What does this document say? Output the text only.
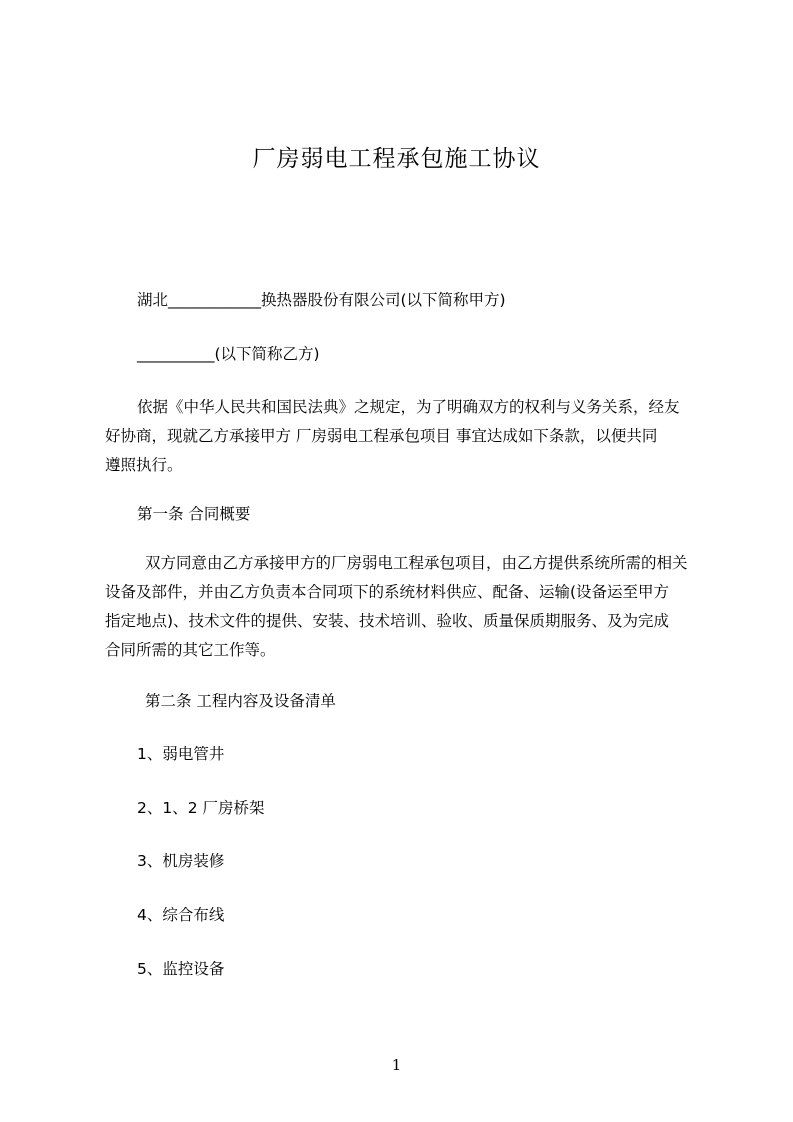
厂房弱电工程承包施工协议
湖北____________换热器股份有限公司(以下简称甲方)
__________(以下简称乙方)
依据《中华人民共和国民法典》之规定，为了明确双方的权利与义务关系，经友
好协商，现就乙方承接甲方 厂房弱电工程承包项目 事宜达成如下条款，以便共同
遵照执行。
第一条 合同概要
双方同意由乙方承接甲方的厂房弱电工程承包项目，由乙方提供系统所需的相关
设备及部件，并由乙方负责本合同项下的系统材料供应、配备、运输(设备运至甲方
指定地点)、技术文件的提供、安装、技术培训、验收、质量保质期服务、及为完成
合同所需的其它工作等。
第二条 工程内容及设备清单
1、弱电管井
2、1、2 厂房桥架
3、机房装修
4、综合布线
5、监控设备
1
